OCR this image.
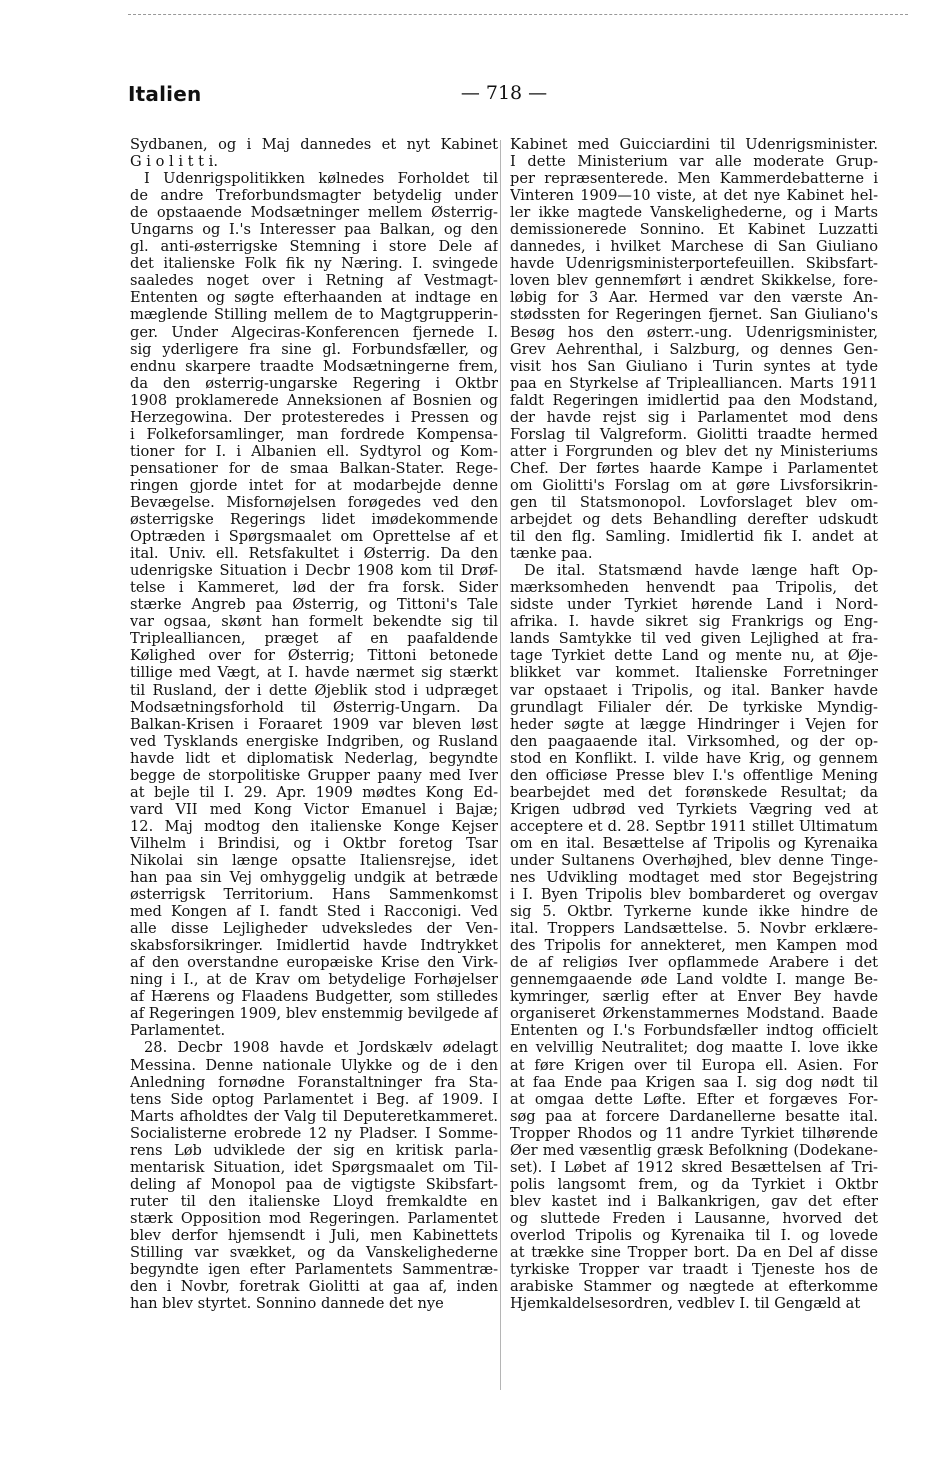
Italien	— 718 —
Sydbanen, og i Maj dannedes et nyt Kabinet
G i o l i t t i.
I Udenrigspolitikken kølnedes Forholdet til
de andre Treforbundsmagter betydelig under
de opstaaende Modsætninger mellem Østerrig-
Ungarns og I.'s Interesser paa Balkan, og den
gl. anti-østerrigske Stemning i store Dele af
det italienske Folk fik ny Næring. I. svingede
saaledes noget over i Retning af Vestmagt-
Ententen og søgte efterhaanden at indtage en
mæglende Stilling mellem de to Magtgrupperin-
ger. Under Algeciras-Konferencen fjernede I.
sig yderligere fra sine gl. Forbundsfæller, og
endnu skarpere traadte Modsætningerne frem,
da den østerrig-ungarske Regering i Oktbr
1908 proklamerede Anneksionen af Bosnien og
Herzegowina. Der protesteredes i Pressen og
i Folkeforsamlinger, man fordrede Kompensa-
tioner for I. i Albanien ell. Sydtyrol og Kom-
pensationer for de smaa Balkan-Stater. Rege-
ringen gjorde intet for at modarbejde denne
Bevægelse. Misfornøjelsen forøgedes ved den
østerrigske Regerings lidet imødekommende
Optræden i Spørgsmaalet om Oprettelse af et
ital. Univ. ell. Retsfakultet i Østerrig. Da den
udenrigske Situation i Decbr 1908 kom til Drøf-
telse i Kammeret, lød der fra forsk. Sider
stærke Angreb paa Østerrig, og Tittoni's Tale
var ogsaa, skønt han formelt bekendte sig til
Triplealliancen, præget af en paafaldende
Kølighed over for Østerrig; Tittoni betonede
tillige med Vægt, at I. havde nærmet sig stærkt
til Rusland, der i dette Øjeblik stod i udpræget
Modsætningsforhold til Østerrig-Ungarn. Da
Balkan-Krisen i Foraaret 1909 var bleven løst
ved Tysklands energiske Indgriben, og Rusland
havde lidt et diplomatisk Nederlag, begyndte
begge de storpolitiske Grupper paany med Iver
at bejle til I. 29. Apr. 1909 mødtes Kong Ed-
vard VII med Kong Victor Emanuel i Bajæ;
12. Maj modtog den italienske Konge Kejser
Vilhelm i Brindisi, og i Oktbr foretog Tsar
Nikolai sin længe opsatte Italiensrejse, idet
han paa sin Vej omhyggelig undgik at betræde
østerrigsk Territorium. Hans Sammenkomst
med Kongen af I. fandt Sted i Racconigi. Ved
alle disse Lejligheder udveksledes der Ven-
skabsforsikringer. Imidlertid havde Indtrykket
af den overstandne europæiske Krise den Virk-
ning i I., at de Krav om betydelige Forhøjelser
af Hærens og Flaadens Budgetter, som stilledes
af Regeringen 1909, blev enstemmig bevilgede af
Parlamentet.
28. Decbr 1908 havde et Jordskælv ødelagt
Messina. Denne nationale Ulykke og de i den
Anledning fornødne Foranstaltninger fra Sta-
tens Side optog Parlamentet i Beg. af 1909. I
Marts afholdtes der Valg til Deputeretkammeret.
Socialisterne erobrede 12 ny Pladser. I Somme-
rens Løb udviklede der sig en kritisk parla-
mentarisk Situation, idet Spørgsmaalet om Til-
deling af Monopol paa de vigtigste Skibsfart-
ruter til den italienske Lloyd fremkaldte en
stærk Opposition mod Regeringen. Parlamentet
blev derfor hjemsendt i Juli, men Kabinettets
Stilling var svækket, og da Vanskelighederne
begyndte igen efter Parlamentets Sammentræ-
den i Novbr, foretrak Giolitti at gaa af, inden
han blev styrtet. Sonnino dannede det nye
Kabinet med Guicciardini til Udenrigsminister.
I dette Ministerium var alle moderate Grup-
per repræsenterede. Men Kammerdebatterne i
Vinteren 1909—10 viste, at det nye Kabinet hel-
ler ikke magtede Vanskelighederne, og i Marts
demissionerede Sonnino. Et Kabinet Luzzatti
dannedes, i hvilket Marchese di San Giuliano
havde Udenrigsministerportefeuillen. Skibsfart-
loven blev gennemført i ændret Skikkelse, fore-
løbig for 3 Aar. Hermed var den værste An-
stødssten for Regeringen fjernet. San Giuliano's
Besøg hos den østerr.-ung. Udenrigsminister,
Grev Aehrenthal, i Salzburg, og dennes Gen-
visit hos San Giuliano i Turin syntes at tyde
paa en Styrkelse af Triplealliancen. Marts 1911
faldt Regeringen imidlertid paa den Modstand,
der havde rejst sig i Parlamentet mod dens
Forslag til Valgreform. Giolitti traadte hermed
atter i Forgrunden og blev det ny Ministeriums
Chef. Der førtes haarde Kampe i Parlamentet
om Giolitti's Forslag om at gøre Livsforsikrin-
gen til Statsmonopol. Lovforslaget blev om-
arbejdet og dets Behandling derefter udskudt
til den flg. Samling. Imidlertid fik I. andet at
tænke paa.
De ital. Statsmænd havde længe haft Op-
mærksomheden henvendt paa Tripolis, det
sidste under Tyrkiet hørende Land i Nord-
afrika. I. havde sikret sig Frankrigs og Eng-
lands Samtykke til ved given Lejlighed at fra-
tage Tyrkiet dette Land og mente nu, at Øje-
blikket var kommet. Italienske Forretninger
var opstaaet i Tripolis, og ital. Banker havde
grundlagt Filialer dér. De tyrkiske Myndig-
heder søgte at lægge Hindringer i Vejen for
den paagaaende ital. Virksomhed, og der op-
stod en Konflikt. I. vilde have Krig, og gennem
den officiøse Presse blev I.'s offentlige Mening
bearbejdet med det forønskede Resultat; da
Krigen udbrød ved Tyrkiets Vægring ved at
acceptere et d. 28. Septbr 1911 stillet Ultimatum
om en ital. Besættelse af Tripolis og Kyrenaika
under Sultanens Overhøjhed, blev denne Tinge-
nes Udvikling modtaget med stor Begejstring
i I. Byen Tripolis blev bombarderet og overgav
sig 5. Oktbr. Tyrkerne kunde ikke hindre de
ital. Troppers Landsættelse. 5. Novbr erklære-
des Tripolis for annekteret, men Kampen mod
de af religiøs Iver opflammede Arabere i det
gennemgaaende øde Land voldte I. mange Be-
kymringer, særlig efter at Enver Bey havde
organiseret Ørkenstammernes Modstand. Baade
Ententen og I.'s Forbundsfæller indtog officielt
en velvillig Neutralitet; dog maatte I. love ikke
at føre Krigen over til Europa ell. Asien. For
at faa Ende paa Krigen saa I. sig dog nødt til
at omgaa dette Løfte. Efter et forgæves For-
søg paa at forcere Dardanellerne besatte ital.
Tropper Rhodos og 11 andre Tyrkiet tilhørende
Øer med væsentlig græsk Befolkning (Dodekane-
set). I Løbet af 1912 skred Besættelsen af Tri-
polis langsomt frem, og da Tyrkiet i Oktbr
blev kastet ind i Balkankrigen, gav det efter
og sluttede Freden i Lausanne, hvorved det
overlod Tripolis og Kyrenaika til I. og lovede
at trække sine Tropper bort. Da en Del af disse
tyrkiske Tropper var traadt i Tjeneste hos de
arabiske Stammer og nægtede at efterkomme
Hjemkaldelsesordren, vedblev I. til Gengæld at
